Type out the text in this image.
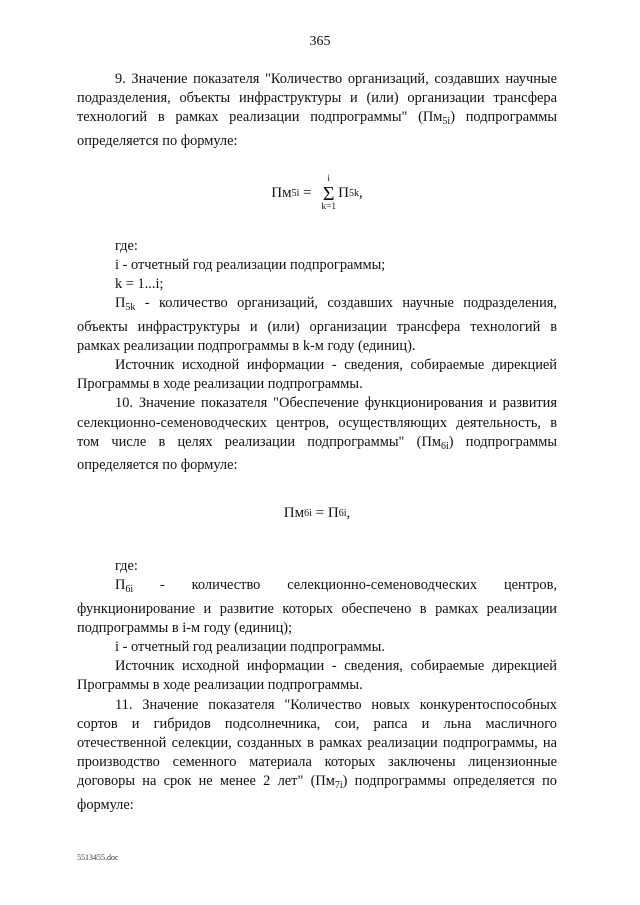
365

9. Значение показателя "Количество организаций, создавших научные подразделения, объекты инфраструктуры и (или) организации трансфера технологий в рамках реализации подпрограммы" $(Пм_{5i})$ подпрограммы определяется по формуле:

Пм 5i =
i
Σ
k=1
П 5k ,

где:

i - отчетный год реализации подпрограммы;

k = 1...i;

$П_{5k}$ - количество организаций, создавших научные подразделения, объекты инфраструктуры и (или) организации трансфера технологий в рамках реализации подпрограммы в k-м году (единиц).

Источник исходной информации - сведения, собираемые дирекцией Программы в ходе реализации подпрограммы.

10. Значение показателя "Обеспечение функционирования и развития селекционно-семеноводческих центров, осуществляющих деятельность, в том числе в целях реализации подпрограммы" $(Пм_{6i})$ подпрограммы определяется по формуле:

Пм 6i = П 6i ,

где:

$П_{6i}$ - количество селекционно-семеноводческих центров, функционирование и развитие которых обеспечено в рамках реализации подпрограммы в i-м году (единиц);

i - отчетный год реализации подпрограммы.

Источник исходной информации - сведения, собираемые дирекцией Программы в ходе реализации подпрограммы.

11. Значение показателя "Количество новых конкурентоспособных сортов и гибридов подсолнечника, сои, рапса и льна масличного отечественной селекции, созданных в рамках реализации подпрограммы, на производство семенного материала которых заключены лицензионные договоры на срок не менее 2 лет" $(Пм_{7i})$ подпрограммы определяется по формуле:

5513455.doc
